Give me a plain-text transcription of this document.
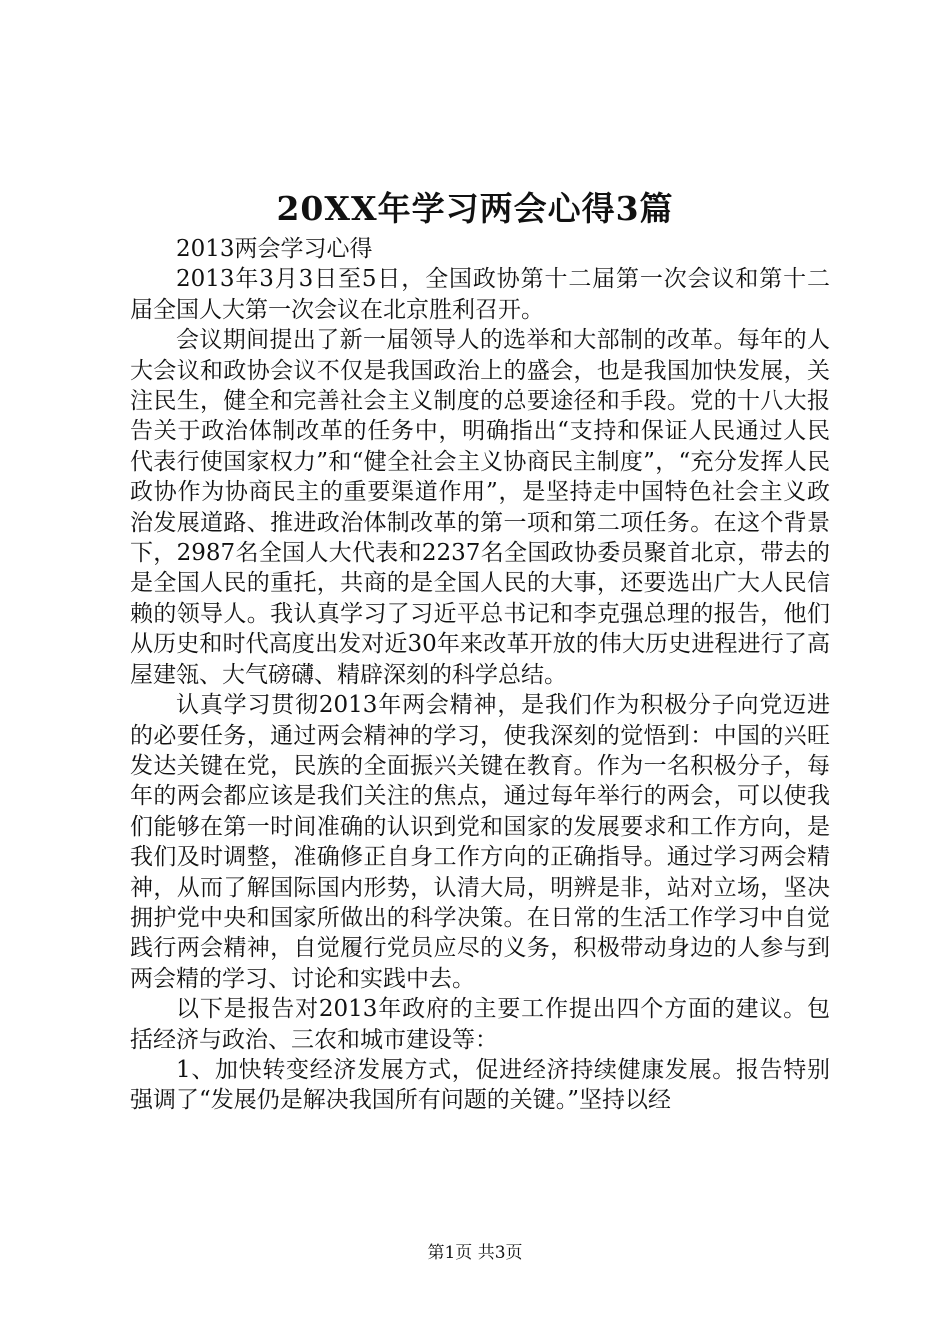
20XX年学习两会心得3篇

2013两会学习心得

2013年3月3日至5日，全国政协第十二届第一次会议和第十二届全国人大第一次会议在北京胜利召开。

会议期间提出了新一届领导人的选举和大部制的改革。每年的人大会议和政协会议不仅是我国政治上的盛会，也是我国加快发展，关注民生，健全和完善社会主义制度的总要途径和手段。党的十八大报告关于政治体制改革的任务中，明确指出“支持和保证人民通过人民代表行使国家权力”和“健全社会主义协商民主制度”，“充分发挥人民政协作为协商民主的重要渠道作用”，是坚持走中国特色社会主义政治发展道路、推进政治体制改革的第一项和第二项任务。在这个背景下，2987名全国人大代表和2237名全国政协委员聚首北京，带去的是全国人民的重托，共商的是全国人民的大事，还要选出广大人民信赖的领导人。我认真学习了习近平总书记和李克强总理的报告，他们从历史和时代高度出发对近30年来改革开放的伟大历史进程进行了高屋建瓴、大气磅礴、精辟深刻的科学总结。

认真学习贯彻2013年两会精神，是我们作为积极分子向党迈进的必要任务，通过两会精神的学习，使我深刻的觉悟到：中国的兴旺发达关键在党，民族的全面振兴关键在教育。作为一名积极分子，每年的两会都应该是我们关注的焦点，通过每年举行的两会，可以使我们能够在第一时间准确的认识到党和国家的发展要求和工作方向，是我们及时调整，准确修正自身工作方向的正确指导。通过学习两会精神，从而了解国际国内形势，认清大局，明辨是非，站对立场，坚决拥护党中央和国家所做出的科学决策。在日常的生活工作学习中自觉践行两会精神，自觉履行党员应尽的义务，积极带动身边的人参与到两会精的学习、讨论和实践中去。

以下是报告对2013年政府的主要工作提出四个方面的建议。包括经济与政治、三农和城市建设等：

1、加快转变经济发展方式，促进经济持续健康发展。报告特别强调了“发展仍是解决我国所有问题的关键。”坚持以经

第1页 共3页
